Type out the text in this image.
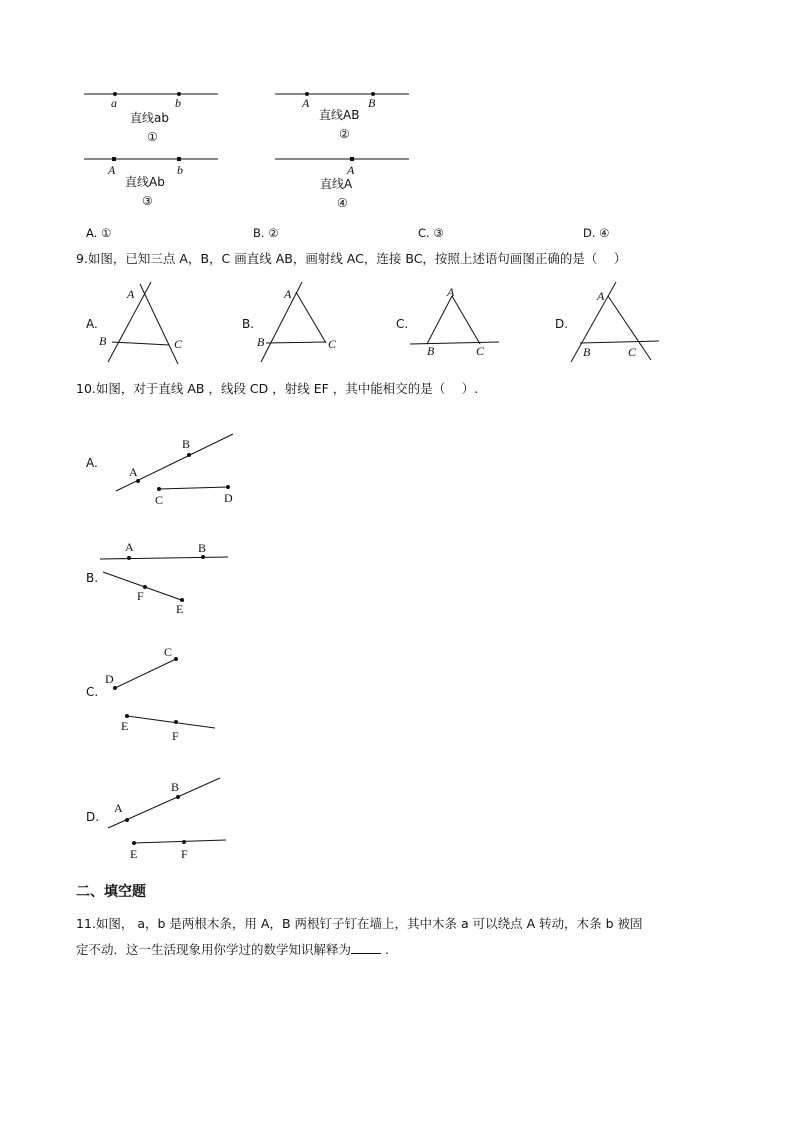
a	b
直线ab
①
A	B
直线AB
②
A	b
直线Ab
③
A
直线A
④
A. ①	B. ②	C. ③	D. ④
9.如图，已知三点 A，B，C 画直线 AB，画射线 AC，连接 BC，按照上述语句画图正确的是（　 ）
A.
A
B	C
B.
A
B	C
C.
A
B	C
D.
A
B	C
10.如图，对于直线 AB ，线段 CD ，射线 EF ，其中能相交的是（　 ）.
A.
A
B
C	D
B.
A	B
F
E
C.
C
D
E
F
D.
A
B
E	F
二、填空题
11.如图， a，b 是两根木条，用 A，B 两根钉子钉在墙上，其中木条 a 可以绕点 A 转动，木条 b 被固
定不动．这一生活现象用你学过的数学知识解释为	.
